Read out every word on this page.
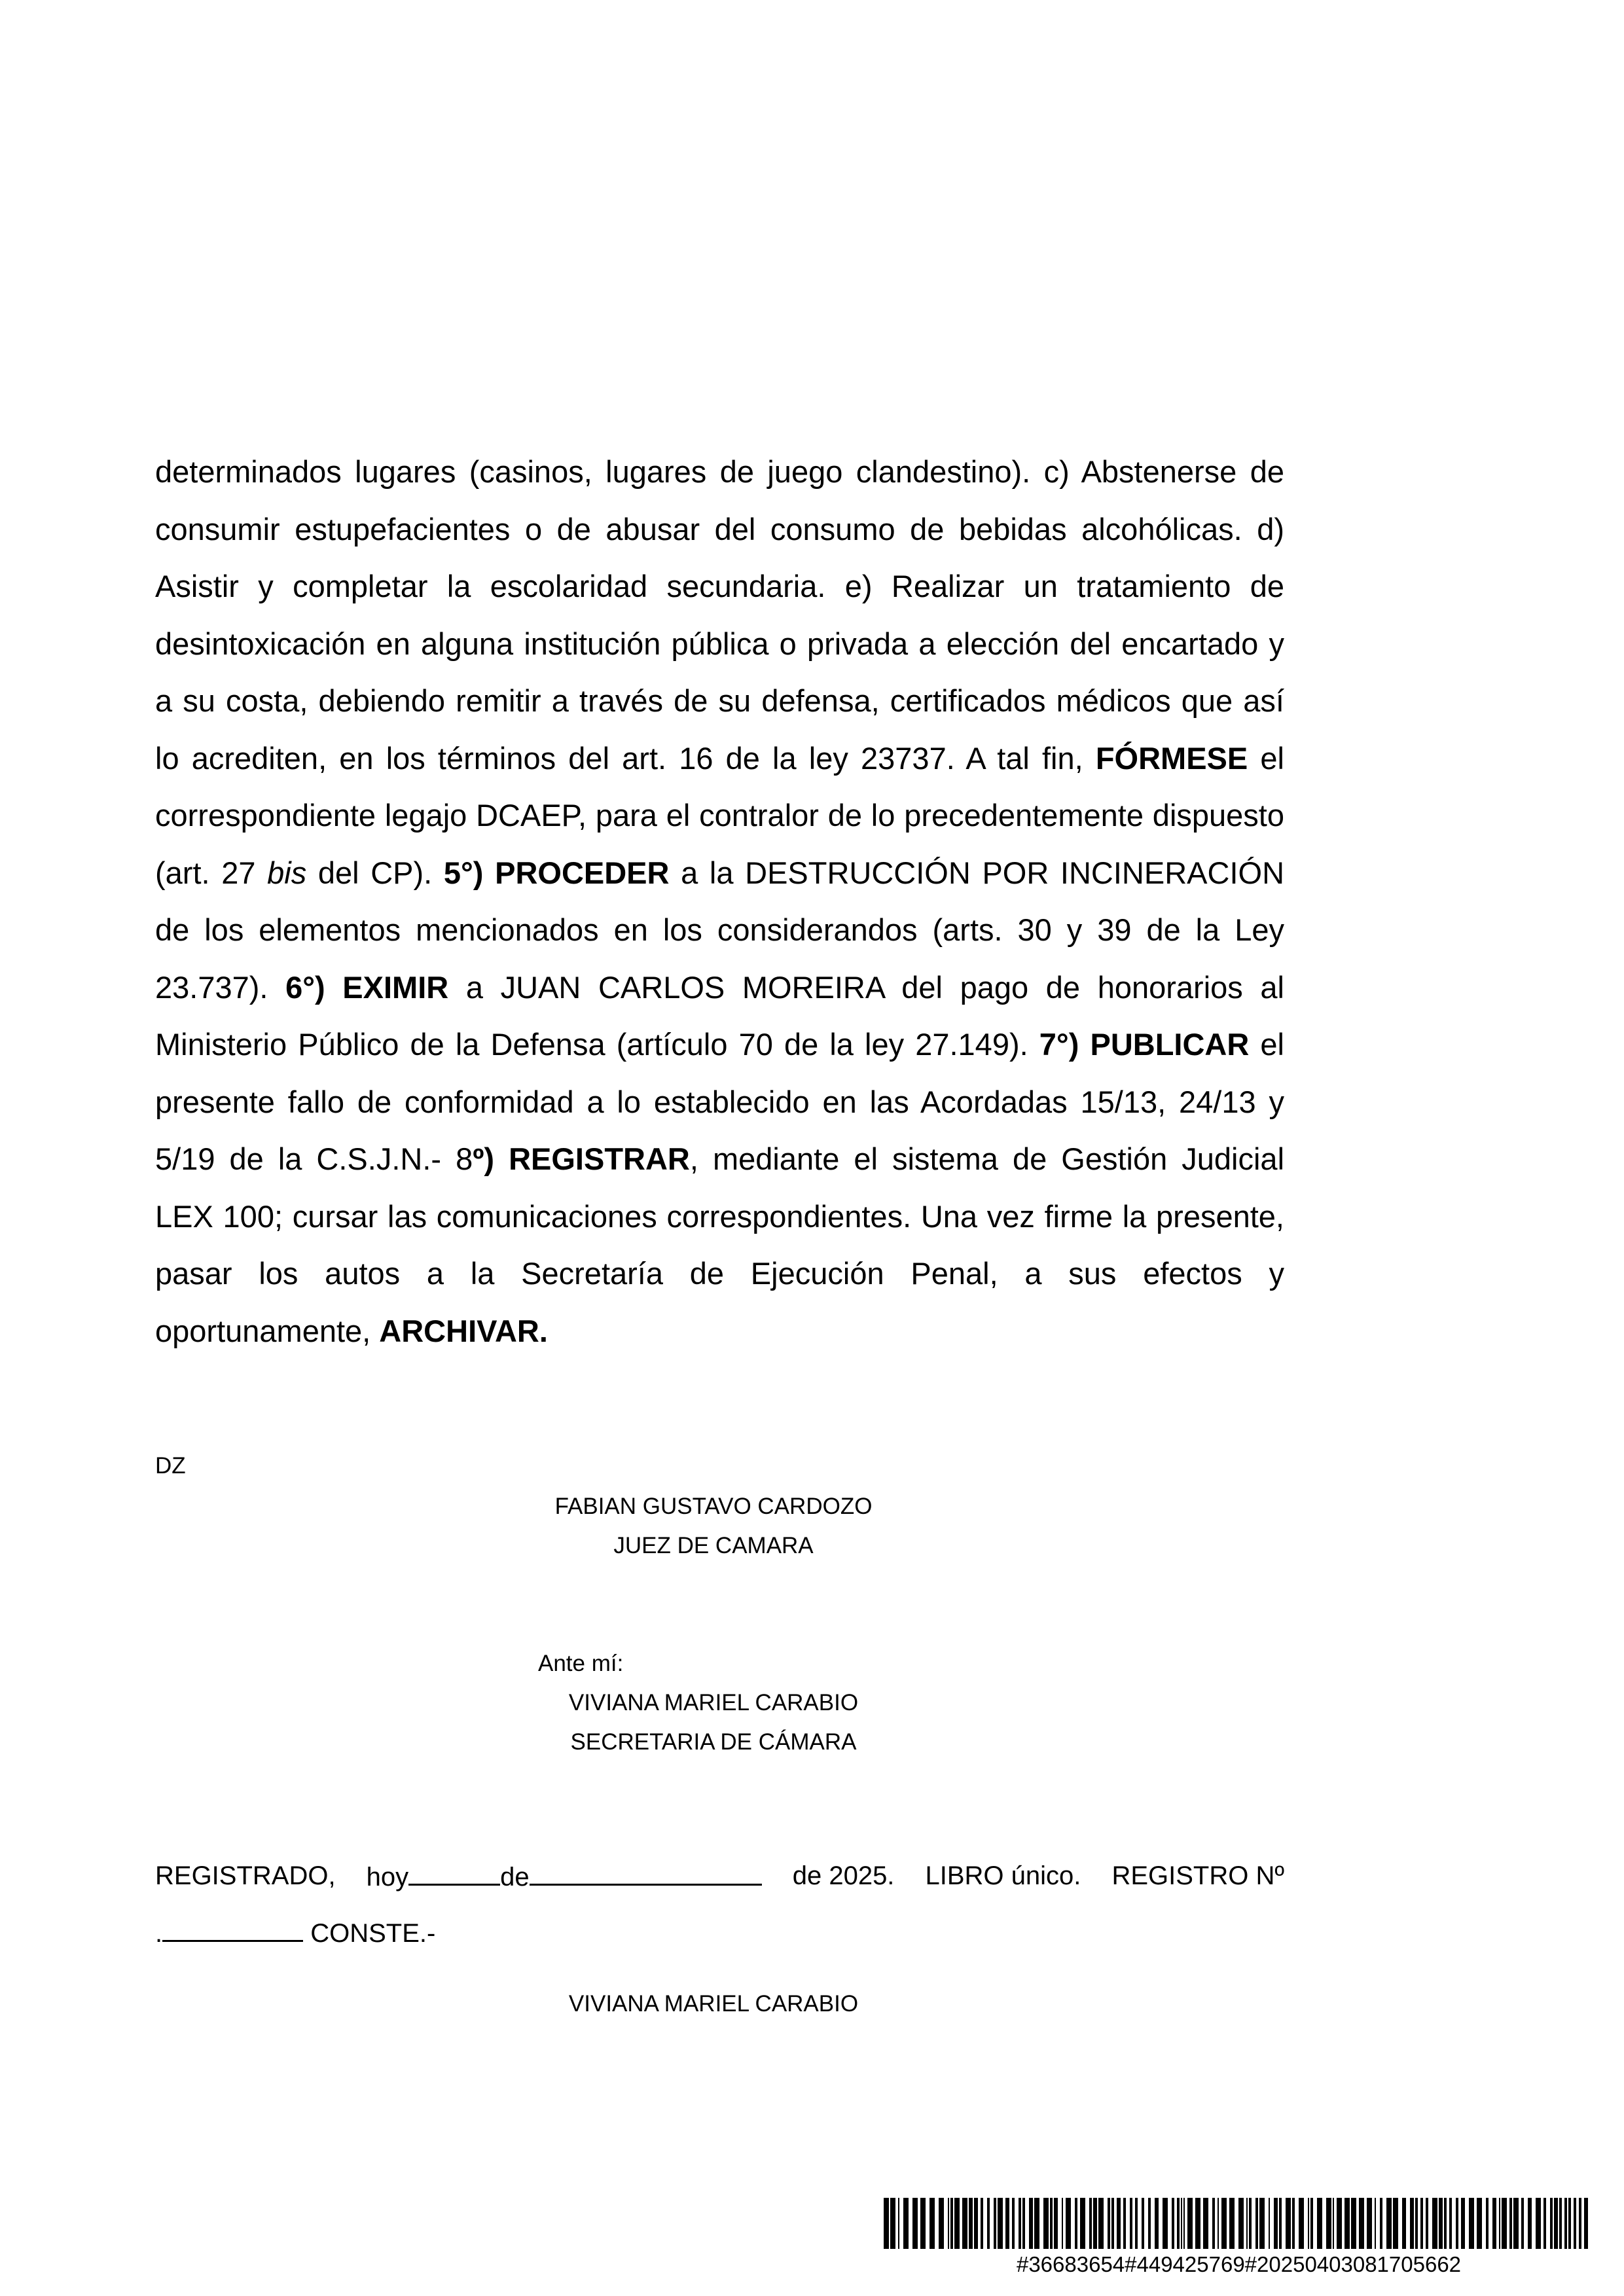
determinados lugares (casinos, lugares de juego clandestino). c) Abstenerse de consumir estupefacientes o de abusar del consumo de bebidas alcohólicas. d) Asistir y completar la escolaridad secundaria. e) Realizar un tratamiento de desintoxicación en alguna institución pública o privada a elección del encartado y a su costa, debiendo remitir a través de su defensa, certificados médicos que así lo acrediten, en los términos del art. 16 de la ley 23737. A tal fin, FÓRMESE el correspondiente legajo DCAEP, para el contralor de lo precedentemente dispuesto (art. 27 bis del CP). 5°) PROCEDER a la DESTRUCCIÓN POR INCINERACIÓN de los elementos mencionados en los considerandos (arts. 30 y 39 de la Ley 23.737). 6°) EXIMIR a JUAN CARLOS MOREIRA del pago de honorarios al Ministerio Público de la Defensa (artículo 70 de la ley 27.149). 7°) PUBLICAR el presente fallo de conformidad a lo establecido en las Acordadas 15/13, 24/13 y 5/19 de la C.S.J.N.- 8º) REGISTRAR, mediante el sistema de Gestión Judicial LEX 100; cursar las comunicaciones correspondientes. Una vez firme la presente, pasar los autos a la Secretaría de Ejecución Penal, a sus efectos y oportunamente, ARCHIVAR.
DZ
FABIAN GUSTAVO CARDOZO
JUEZ DE CAMARA
Ante mí:
VIVIANA MARIEL CARABIO
SECRETARIA DE CÁMARA
REGISTRADO, hoy	de	de 2025. LIBRO único. REGISTRO Nº
.	CONSTE.-
VIVIANA MARIEL CARABIO
#36683654#449425769#20250403081705662
